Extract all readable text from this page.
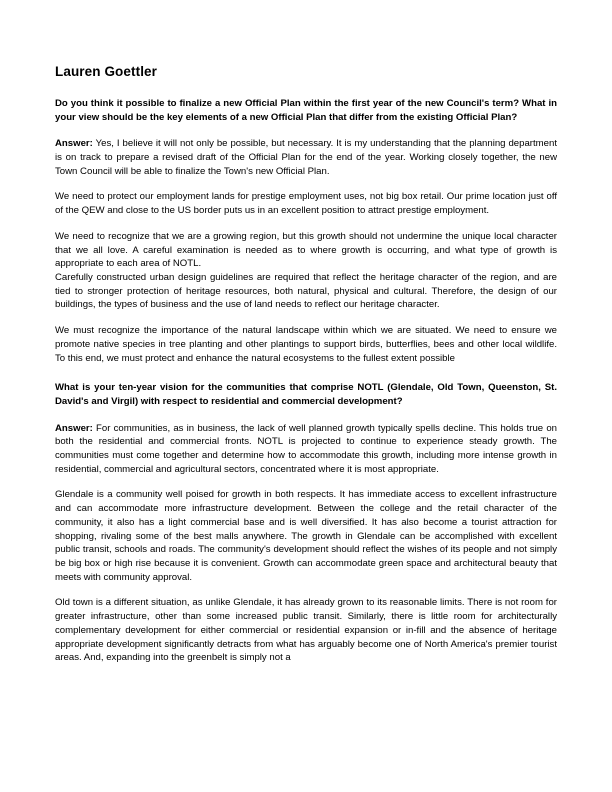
Lauren Goettler

Do you think it possible to finalize a new Official Plan within the first year of the new Council's term? What in your view should be the key elements of a new Official Plan that differ from the existing Official Plan?

Answer: Yes, I believe it will not only be possible, but necessary. It is my understanding that the planning department is on track to prepare a revised draft of the Official Plan for the end of the year. Working closely together, the new Town Council will be able to finalize the Town's new Official Plan.

We need to protect our employment lands for prestige employment uses, not big box retail. Our prime location just off of the QEW and close to the US border puts us in an excellent position to attract prestige employment.

We need to recognize that we are a growing region, but this growth should not undermine the unique local character that we all love. A careful examination is needed as to where growth is occurring, and what type of growth is appropriate to each area of NOTL.

Carefully constructed urban design guidelines are required that reflect the heritage character of the region, and are tied to stronger protection of heritage resources, both natural, physical and cultural. Therefore, the design of our buildings, the types of business and the use of land needs to reflect our heritage character.

We must recognize the importance of the natural landscape within which we are situated. We need to ensure we promote native species in tree planting and other plantings to support birds, butterflies, bees and other local wildlife. To this end, we must protect and enhance the natural ecosystems to the fullest extent possible

What is your ten-year vision for the communities that comprise NOTL (Glendale, Old Town, Queenston, St. David's and Virgil) with respect to residential and commercial development?

Answer: For communities, as in business, the lack of well planned growth typically spells decline. This holds true on both the residential and commercial fronts. NOTL is projected to continue to experience steady growth. The communities must come together and determine how to accommodate this growth, including more intense growth in residential, commercial and agricultural sectors, concentrated where it is most appropriate.

Glendale is a community well poised for growth in both respects. It has immediate access to excellent infrastructure and can accommodate more infrastructure development. Between the college and the retail character of the community, it also has a light commercial base and is well diversified. It has also become a tourist attraction for shopping, rivaling some of the best malls anywhere. The growth in Glendale can be accomplished with excellent public transit, schools and roads. The community's development should reflect the wishes of its people and not simply be big box or high rise because it is convenient. Growth can accommodate green space and architectural beauty that meets with community approval.

Old town is a different situation, as unlike Glendale, it has already grown to its reasonable limits. There is not room for greater infrastructure, other than some increased public transit. Similarly, there is little room for architecturally complementary development for either commercial or residential expansion or in-fill and the absence of heritage appropriate development significantly detracts from what has arguably become one of North America's premier tourist areas. And, expanding into the greenbelt is simply not a
